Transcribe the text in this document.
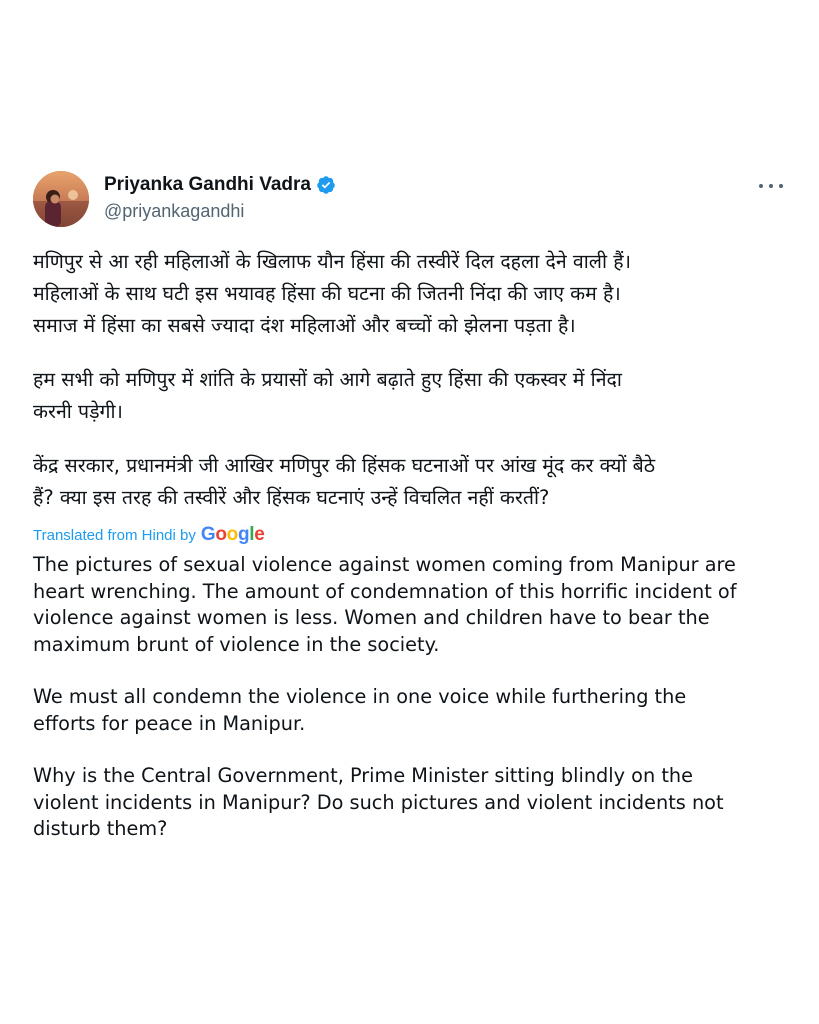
Priyanka Gandhi Vadra
@priyankagandhi

मणिपुर से आ रही महिलाओं के खिलाफ यौन हिंसा की तस्वीरें दिल दहला देने वाली हैं।

महिलाओं के साथ घटी इस भयावह हिंसा की घटना की जितनी निंदा की जाए कम है।

समाज में हिंसा का सबसे ज्यादा दंश महिलाओं और बच्चों को झेलना पड़ता है।

हम सभी को मणिपुर में शांति के प्रयासों को आगे बढ़ाते हुए हिंसा की एकस्वर में निंदा

करनी पड़ेगी।

केंद्र सरकार, प्रधानमंत्री जी आखिर मणिपुर की हिंसक घटनाओं पर आंख मूंद कर क्यों बैठे

हैं? क्या इस तरह की तस्वीरें और हिंसक घटनाएं उन्हें विचलित नहीं करतीं?

Translated from Hindi by Google
The pictures of sexual violence against women coming from Manipur are
heart wrenching. The amount of condemnation of this horrific incident of
violence against women is less. Women and children have to bear the
maximum brunt of violence in the society.
We must all condemn the violence in one voice while furthering the
efforts for peace in Manipur.
Why is the Central Government, Prime Minister sitting blindly on the
violent incidents in Manipur? Do such pictures and violent incidents not
disturb them?
